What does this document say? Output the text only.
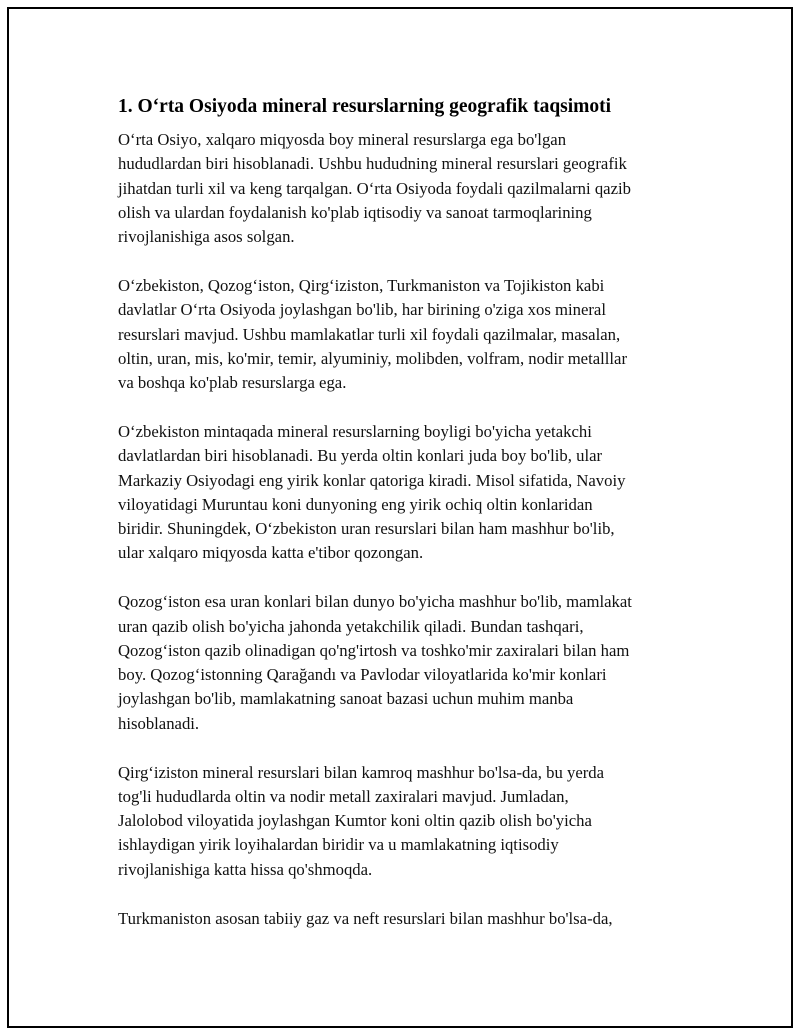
1. O‘rta Osiyoda mineral resurslarning geografik taqsimoti

O‘rta Osiyo, xalqaro miqyosda boy mineral resurslarga ega bo'lgan
hududlardan biri hisoblanadi. Ushbu hududning mineral resurslari geografik
jihatdan turli xil va keng tarqalgan. O‘rta Osiyoda foydali qazilmalarni qazib
olish va ulardan foydalanish ko'plab iqtisodiy va sanoat tarmoqlarining
rivojlanishiga asos solgan.

O‘zbekiston, Qozog‘iston, Qirg‘iziston, Turkmaniston va Tojikiston kabi
davlatlar O‘rta Osiyoda joylashgan bo'lib, har birining o'ziga xos mineral
resurslari mavjud. Ushbu mamlakatlar turli xil foydali qazilmalar, masalan,
oltin, uran, mis, ko'mir, temir, alyuminiy, molibden, volfram, nodir metalllar
va boshqa ko'plab resurslarga ega.

O‘zbekiston mintaqada mineral resurslarning boyligi bo'yicha yetakchi
davlatlardan biri hisoblanadi. Bu yerda oltin konlari juda boy bo'lib, ular
Markaziy Osiyodagi eng yirik konlar qatoriga kiradi. Misol sifatida, Navoiy
viloyatidagi Muruntau koni dunyoning eng yirik ochiq oltin konlaridan
biridir. Shuningdek, O‘zbekiston uran resurslari bilan ham mashhur bo'lib,
ular xalqaro miqyosda katta e'tibor qozongan.

Qozog‘iston esa uran konlari bilan dunyo bo'yicha mashhur bo'lib, mamlakat
uran qazib olish bo'yicha jahonda yetakchilik qiladi. Bundan tashqari,
Qozog‘iston qazib olinadigan qo'ng'irtosh va toshko'mir zaxiralari bilan ham
boy. Qozog‘istonning Qarağandı va Pavlodar viloyatlarida ko'mir konlari
joylashgan bo'lib, mamlakatning sanoat bazasi uchun muhim manba
hisoblanadi.

Qirg‘iziston mineral resurslari bilan kamroq mashhur bo'lsa-da, bu yerda
tog'li hududlarda oltin va nodir metall zaxiralari mavjud. Jumladan,
Jalolobod viloyatida joylashgan Kumtor koni oltin qazib olish bo'yicha
ishlaydigan yirik loyihalardan biridir va u mamlakatning iqtisodiy
rivojlanishiga katta hissa qo'shmoqda.

Turkmaniston asosan tabiiy gaz va neft resurslari bilan mashhur bo'lsa-da,
